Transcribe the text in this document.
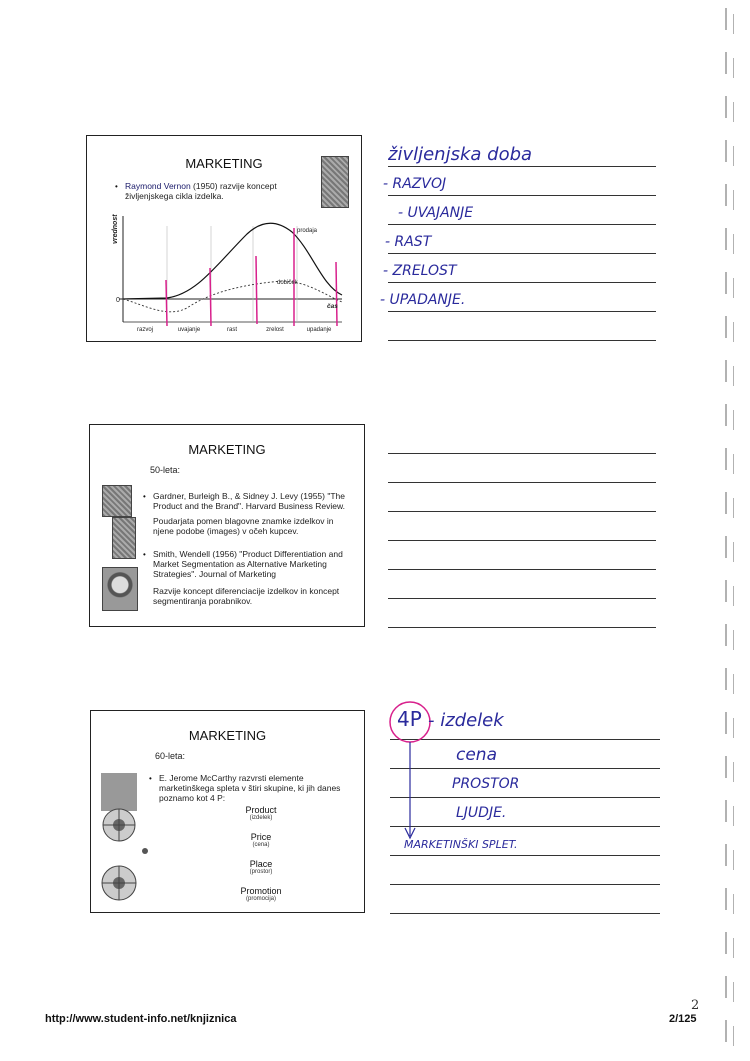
MARKETING
• Raymond Vernon (1950) razvije koncept
življenjskega cikla izdelka.
vrednost
0
čas
prodaja
dobiček
razvoj	uvajanje	rast	zrelost	upadanje
življenjska doba
- RAZVOJ
- UVAJANJE
- RAST
- ZRELOST
- UPADANJE.
MARKETING
50-leta:
• Gardner, Burleigh B., & Sidney J. Levy (1955) "The
Product and the Brand". Harvard Business Review.
Poudarjata pomen blagovne znamke izdelkov in
njene podobe (images) v očeh kupcev.
• Smith, Wendell (1956) "Product Differentiation and
Market Segmentation as Alternative Marketing
Strategies". Journal of Marketing
Razvije koncept diferenciacije izdelkov in koncept
segmentiranja porabnikov.
MARKETING
60-leta:
• E. Jerome McCarthy razvrsti elemente
marketinškega spleta v štiri skupine, ki jih danes
poznamo kot 4 P:
Product
(izdelek)
Price
(cena)
Place
(prostor)
Promotion
(promocija)
4P - izdelek
cena
PROSTOR
LJUDJE.
MARKETINŠKI SPLET.
2
http://www.student-info.net/knjiznica	2/125
